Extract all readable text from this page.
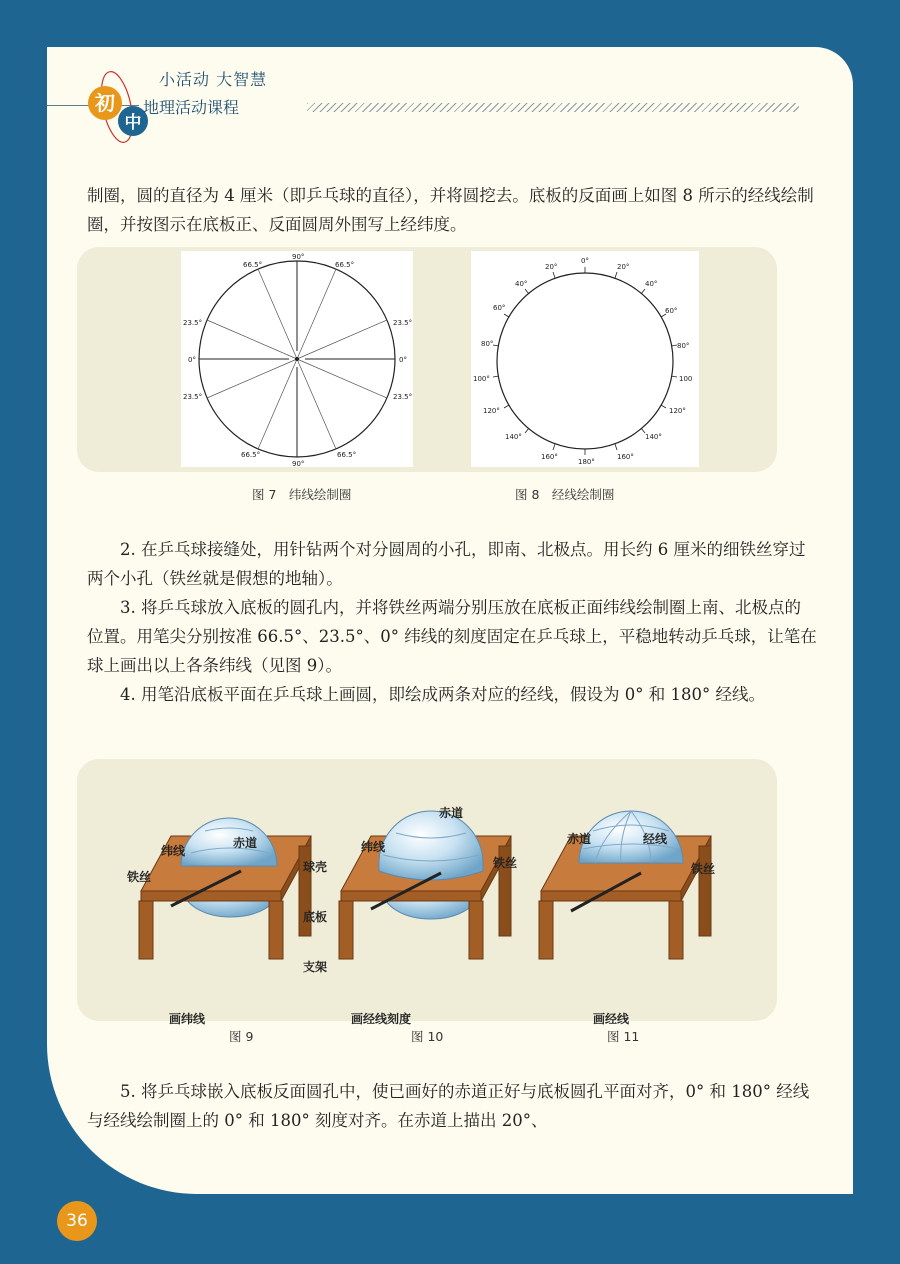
初
中
小活动 大智慧
地理活动课程

制圈，圆的直径为 4 厘米（即乒乓球的直径），并将圆挖去。底板的反面画上如图 8 所示的经线绘制圈，并按图示在底板正、反面圆周外围写上经纬度。

90°
90°
66.5°	66.5°
66.5°	66.5°
23.5°	23.5°
23.5°	23.5°
0°	0°
0°
20°	20°
40°	40°
60°	60°
80°	80°
100°	100
120°	120°
140°	140°
160°	160°
180°
图 7　纬线绘制圈	图 8　经线绘制圈

2. 在乒乓球接缝处，用针钻两个对分圆周的小孔，即南、北极点。用长约 6 厘米的细铁丝穿过两个小孔（铁丝就是假想的地轴）。

3. 将乒乓球放入底板的圆孔内，并将铁丝两端分别压放在底板正面纬线绘制圈上南、北极点的位置。用笔尖分别按准 66.5°、23.5°、0° 纬线的刻度固定在乒乓球上，平稳地转动乒乓球，让笔在球上画出以上各条纬线（见图 9）。

4. 用笔沿底板平面在乒乓球上画圆，即绘成两条对应的经线，假设为 0° 和 180° 经线。

纬线
赤道
铁丝
球壳
底板
支架
画纬线
纬线
赤道
铁丝
画经线刻度
赤道	经线
铁丝
画经线
图 9	图 10	图 11

5. 将乒乓球嵌入底板反面圆孔中，使已画好的赤道正好与底板圆孔平面对齐，0° 和 180° 经线与经线绘制圈上的 0° 和 180° 刻度对齐。在赤道上描出 20°、

36
